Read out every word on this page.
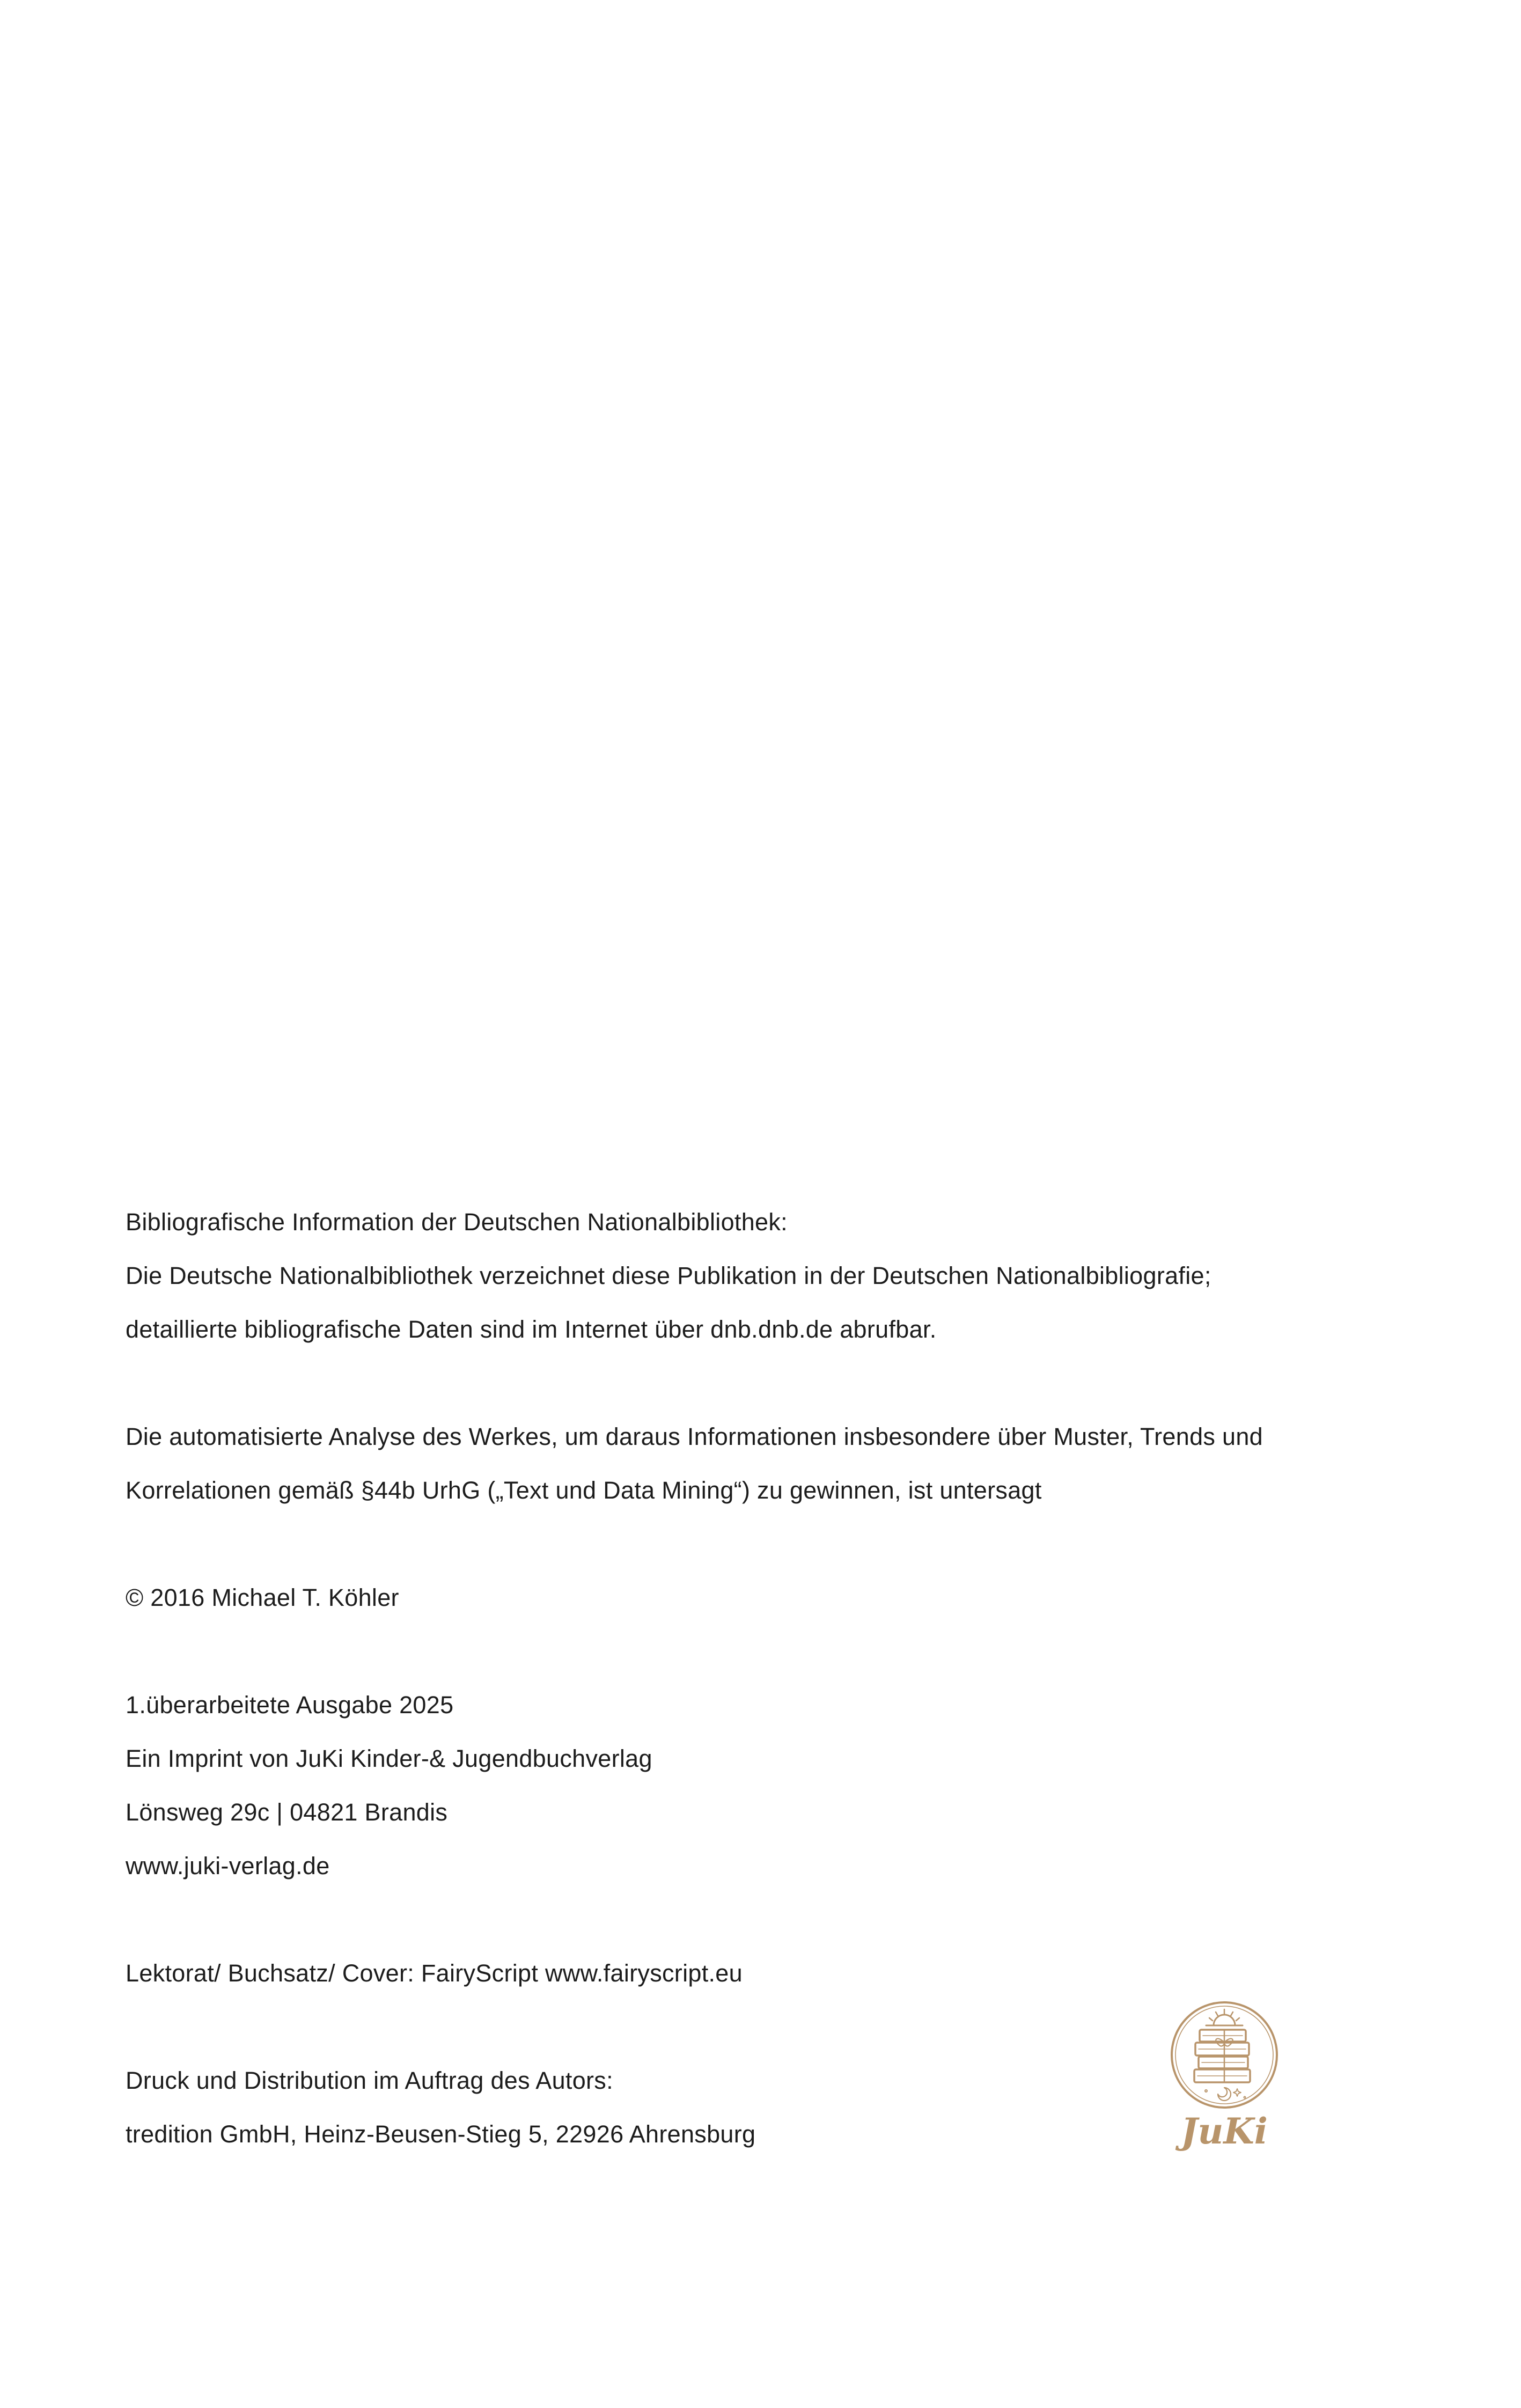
Bibliografische Information der Deutschen Nationalbibliothek:
Die Deutsche Nationalbibliothek verzeichnet diese Publikation in der Deutschen Nationalbibliografie;
detaillierte bibliografische Daten sind im Internet über dnb.dnb.de abrufbar.
Die automatisierte Analyse des Werkes, um daraus Informationen insbesondere über Muster, Trends und
Korrelationen gemäß §44b UrhG („Text und Data Mining“) zu gewinnen, ist untersagt
© 2016 Michael T. Köhler
1.überarbeitete Ausgabe 2025
Ein Imprint von JuKi Kinder-& Jugendbuchverlag
Lönsweg 29c | 04821 Brandis
www.juki-verlag.de
Lektorat/ Buchsatz/ Cover: FairyScript www.fairyscript.eu
Druck und Distribution im Auftrag des Autors:
tredition GmbH, Heinz-Beusen-Stieg 5, 22926 Ahrensburg	JuKi
